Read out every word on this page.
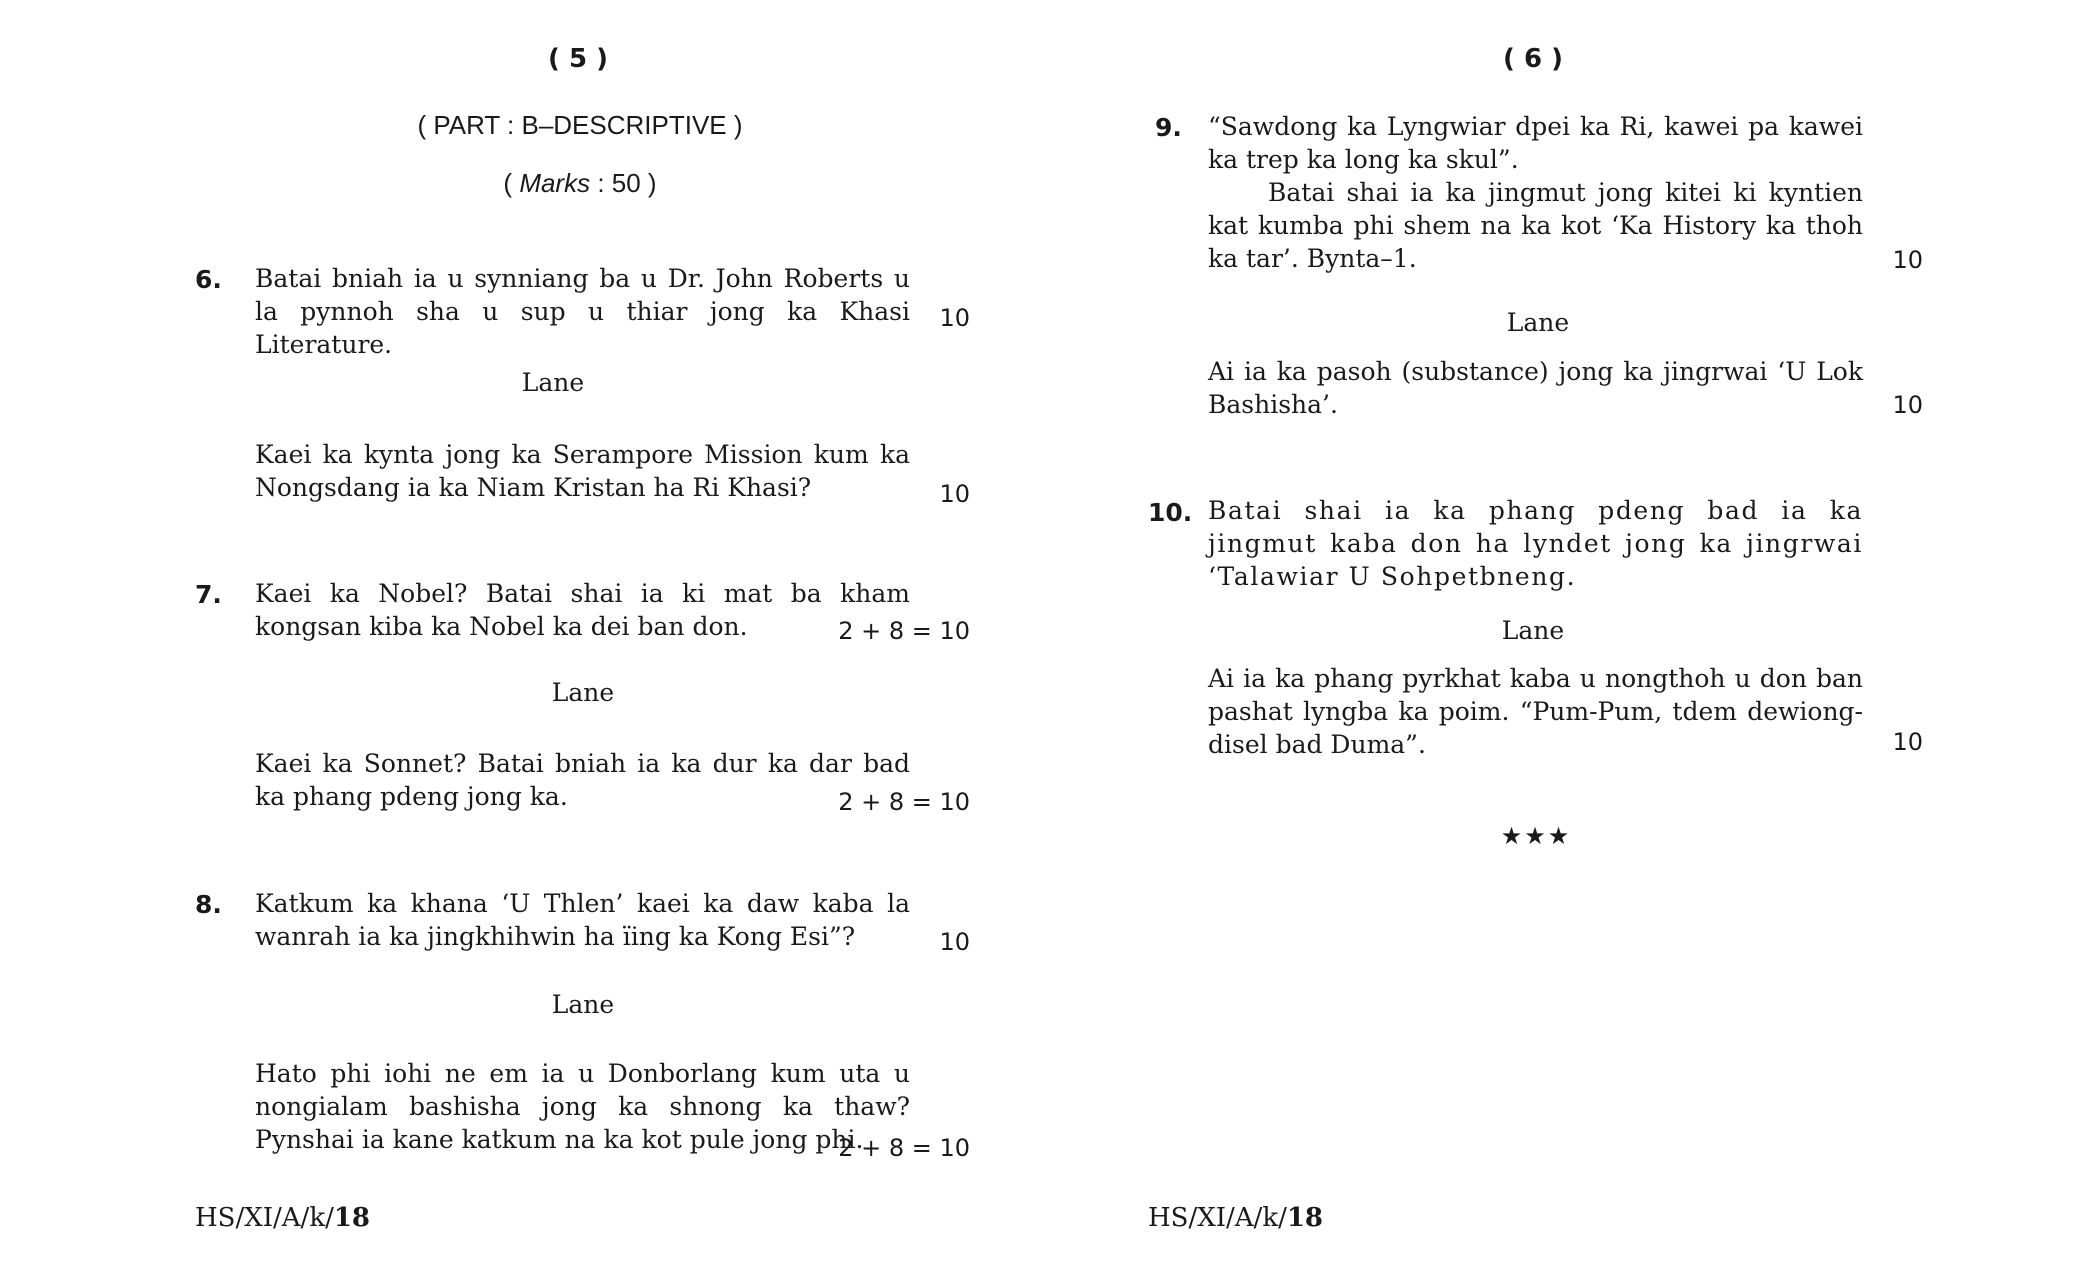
( 5 )
( PART : B–DESCRIPTIVE )
( Marks : 50 )
6. Batai bniah ia u synniang ba u Dr. John Roberts u la pynnoh sha u sup u thiar jong ka Khasi Literature.
10
Lane
Kaei ka kynta jong ka Serampore Mission kum ka Nongsdang ia ka Niam Kristan ha Ri Khasi?	10
7. Kaei ka Nobel? Batai shai ia ki mat ba kham kongsan kiba ka Nobel ka dei ban don.	2 + 8 = 10
Lane
Kaei ka Sonnet? Batai bniah ia ka dur ka dar bad ka phang pdeng jong ka.	2 + 8 = 10
8. Katkum ka khana ‘U Thlen’ kaei ka daw kaba la wanrah ia ka jingkhihwin ha ïing ka Kong Esi”?	10
Lane
Hato phi iohi ne em ia u Donborlang kum uta u nongialam bashisha jong ka shnong ka thaw? Pynshai ia kane katkum na ka kot pule jong phi.
2 + 8 = 10
HS/XI/A/k/18
( 6 )
9. “Sawdong ka Lyngwiar dpei ka Ri, kawei pa kawei ka trep ka long ka skul”.
Batai shai ia ka jingmut jong kitei ki kyntien kat kumba phi shem na ka kot ‘Ka History ka thoh ka tar’. Bynta–1.	10
Lane
Ai ia ka pasoh (substance) jong ka jingrwai ‘U Lok Bashisha’.	10
10. Batai shai ia ka phang pdeng bad ia ka jingmut kaba don ha lyndet jong ka jingrwai ‘Talawiar U Sohpetbneng.
Lane
Ai ia ka phang pyrkhat kaba u nongthoh u don ban pashat lyngba ka poim. “Pum-Pum, tdem dewiong-disel bad Duma”.	10
★★★
HS/XI/A/k/18
